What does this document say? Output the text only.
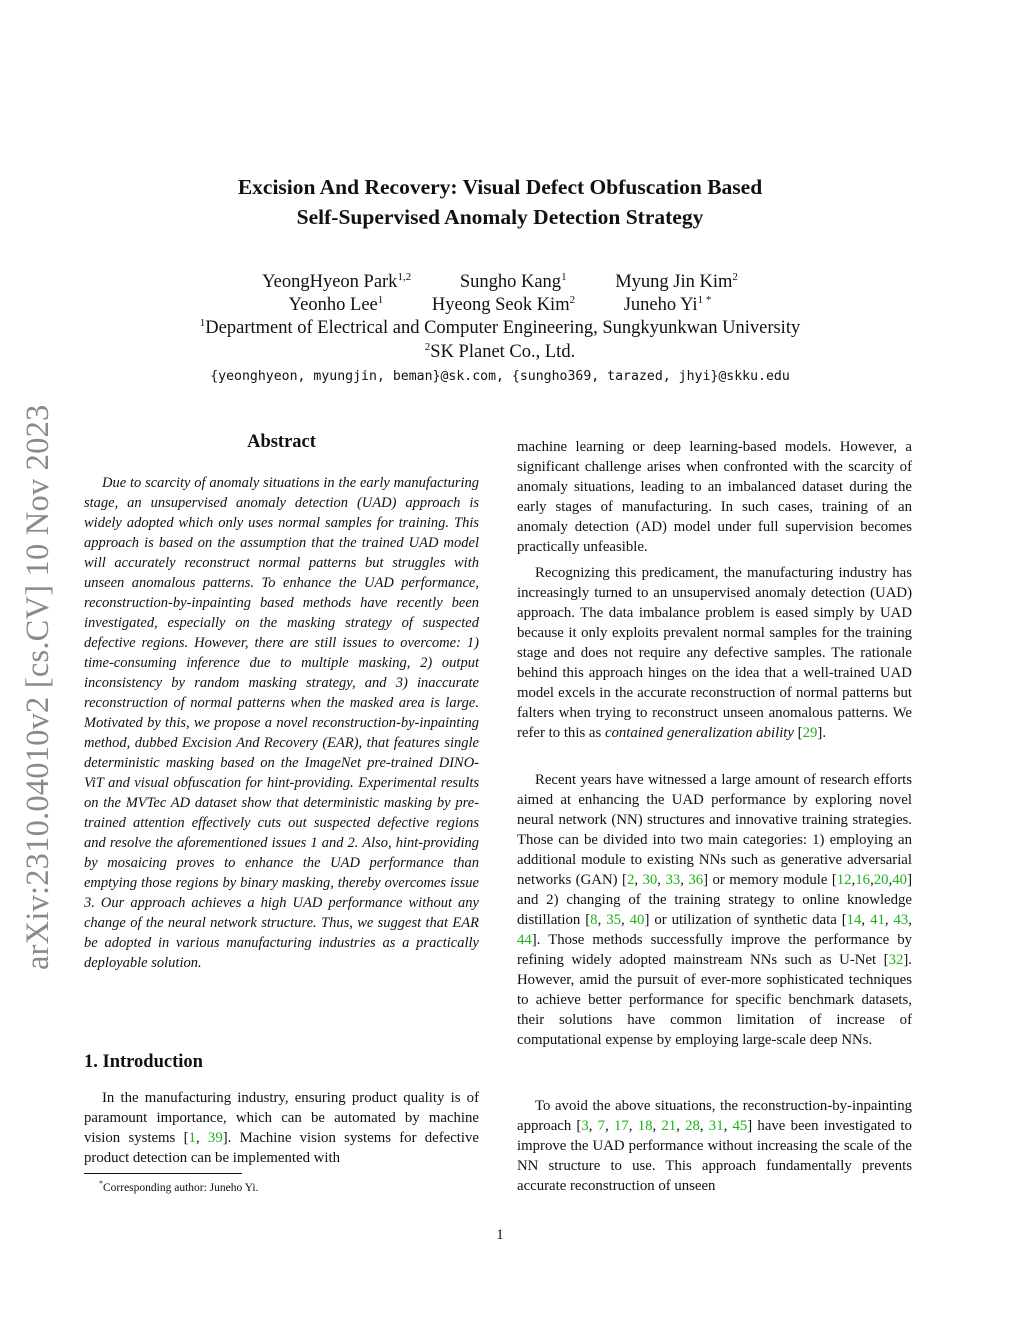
arXiv:2310.04010v2 [cs.CV] 10 Nov 2023
Excision And Recovery: Visual Defect Obfuscation Based
Self-Supervised Anomaly Detection Strategy
YeongHyeon Park$^{1,2}$	Sungho Kang$^1$	Myung Jin Kim$^2$
Yeonho Lee$^1$	Hyeong Seok Kim$^2$	Juneho $Yi^{1 *}$
$^1$Department of Electrical and Computer Engineering, Sungkyunkwan University
$^2$SK Planet Co., Ltd.
{yeonghyeon, myungjin, beman}@sk.com, {sungho369, tarazed, jhyi}@skku.edu
Abstract

Due to scarcity of anomaly situations in the early manufacturing stage, an unsupervised anomaly detection (UAD) approach is widely adopted which only uses normal samples for training. This approach is based on the assumption that the trained UAD model will accurately reconstruct normal patterns but struggles with unseen anomalous patterns. To enhance the UAD performance, reconstruction-by-inpainting based methods have recently been investigated, especially on the masking strategy of suspected defective regions. However, there are still issues to overcome: 1) time-consuming inference due to multiple masking, 2) output inconsistency by random masking strategy, and 3) inaccurate reconstruction of normal patterns when the masked area is large. Motivated by this, we propose a novel reconstruction-by-inpainting method, dubbed Excision And Recovery (EAR), that features single deterministic masking based on the ImageNet pre-trained DINO-ViT and visual obfuscation for hint-providing. Experimental results on the MVTec AD dataset show that deterministic masking by pre-trained attention effectively cuts out suspected defective regions and resolve the aforementioned issues 1 and 2. Also, hint-providing by mosaicing proves to enhance the UAD performance than emptying those regions by binary masking, thereby overcomes issue 3. Our approach achieves a high UAD performance without any change of the neural network structure. Thus, we suggest that EAR be adopted in various manufacturing industries as a practically deployable solution.

1. Introduction

In the manufacturing industry, ensuring product quality is of paramount importance, which can be automated by machine vision systems [1, 39]. Machine vision systems for defective product detection can be implemented with

*Corresponding author: Juneho Yi.

machine learning or deep learning-based models. However, a significant challenge arises when confronted with the scarcity of anomaly situations, leading to an imbalanced dataset during the early stages of manufacturing. In such cases, training of an anomaly detection (AD) model under full supervision becomes practically unfeasible.

Recognizing this predicament, the manufacturing industry has increasingly turned to an unsupervised anomaly detection (UAD) approach. The data imbalance problem is eased simply by UAD because it only exploits prevalent normal samples for the training stage and does not require any defective samples. The rationale behind this approach hinges on the idea that a well-trained UAD model excels in the accurate reconstruction of normal patterns but falters when trying to reconstruct unseen anomalous patterns. We refer to this as contained generalization ability [29].

Recent years have witnessed a large amount of research efforts aimed at enhancing the UAD performance by exploring novel neural network (NN) structures and innovative training strategies. Those can be divided into two main categories: 1) employing an additional module to existing NNs such as generative adversarial networks (GAN) [2, 30, 33, 36] or memory module [12,16,20,40] and 2) changing of the training strategy to online knowledge distillation [8, 35, 40] or utilization of synthetic data [14, 41, 43, 44]. Those methods successfully improve the performance by refining widely adopted mainstream NNs such as U-Net [32]. However, amid the pursuit of ever-more sophisticated techniques to achieve better performance for specific benchmark datasets, their solutions have common limitation of increase of computational expense by employing large-scale deep NNs.

To avoid the above situations, the reconstruction-by-inpainting approach [3, 7, 17, 18, 21, 28, 31, 45] have been investigated to improve the UAD performance without increasing the scale of the NN structure to use. This approach fundamentally prevents accurate reconstruction of unseen

1
